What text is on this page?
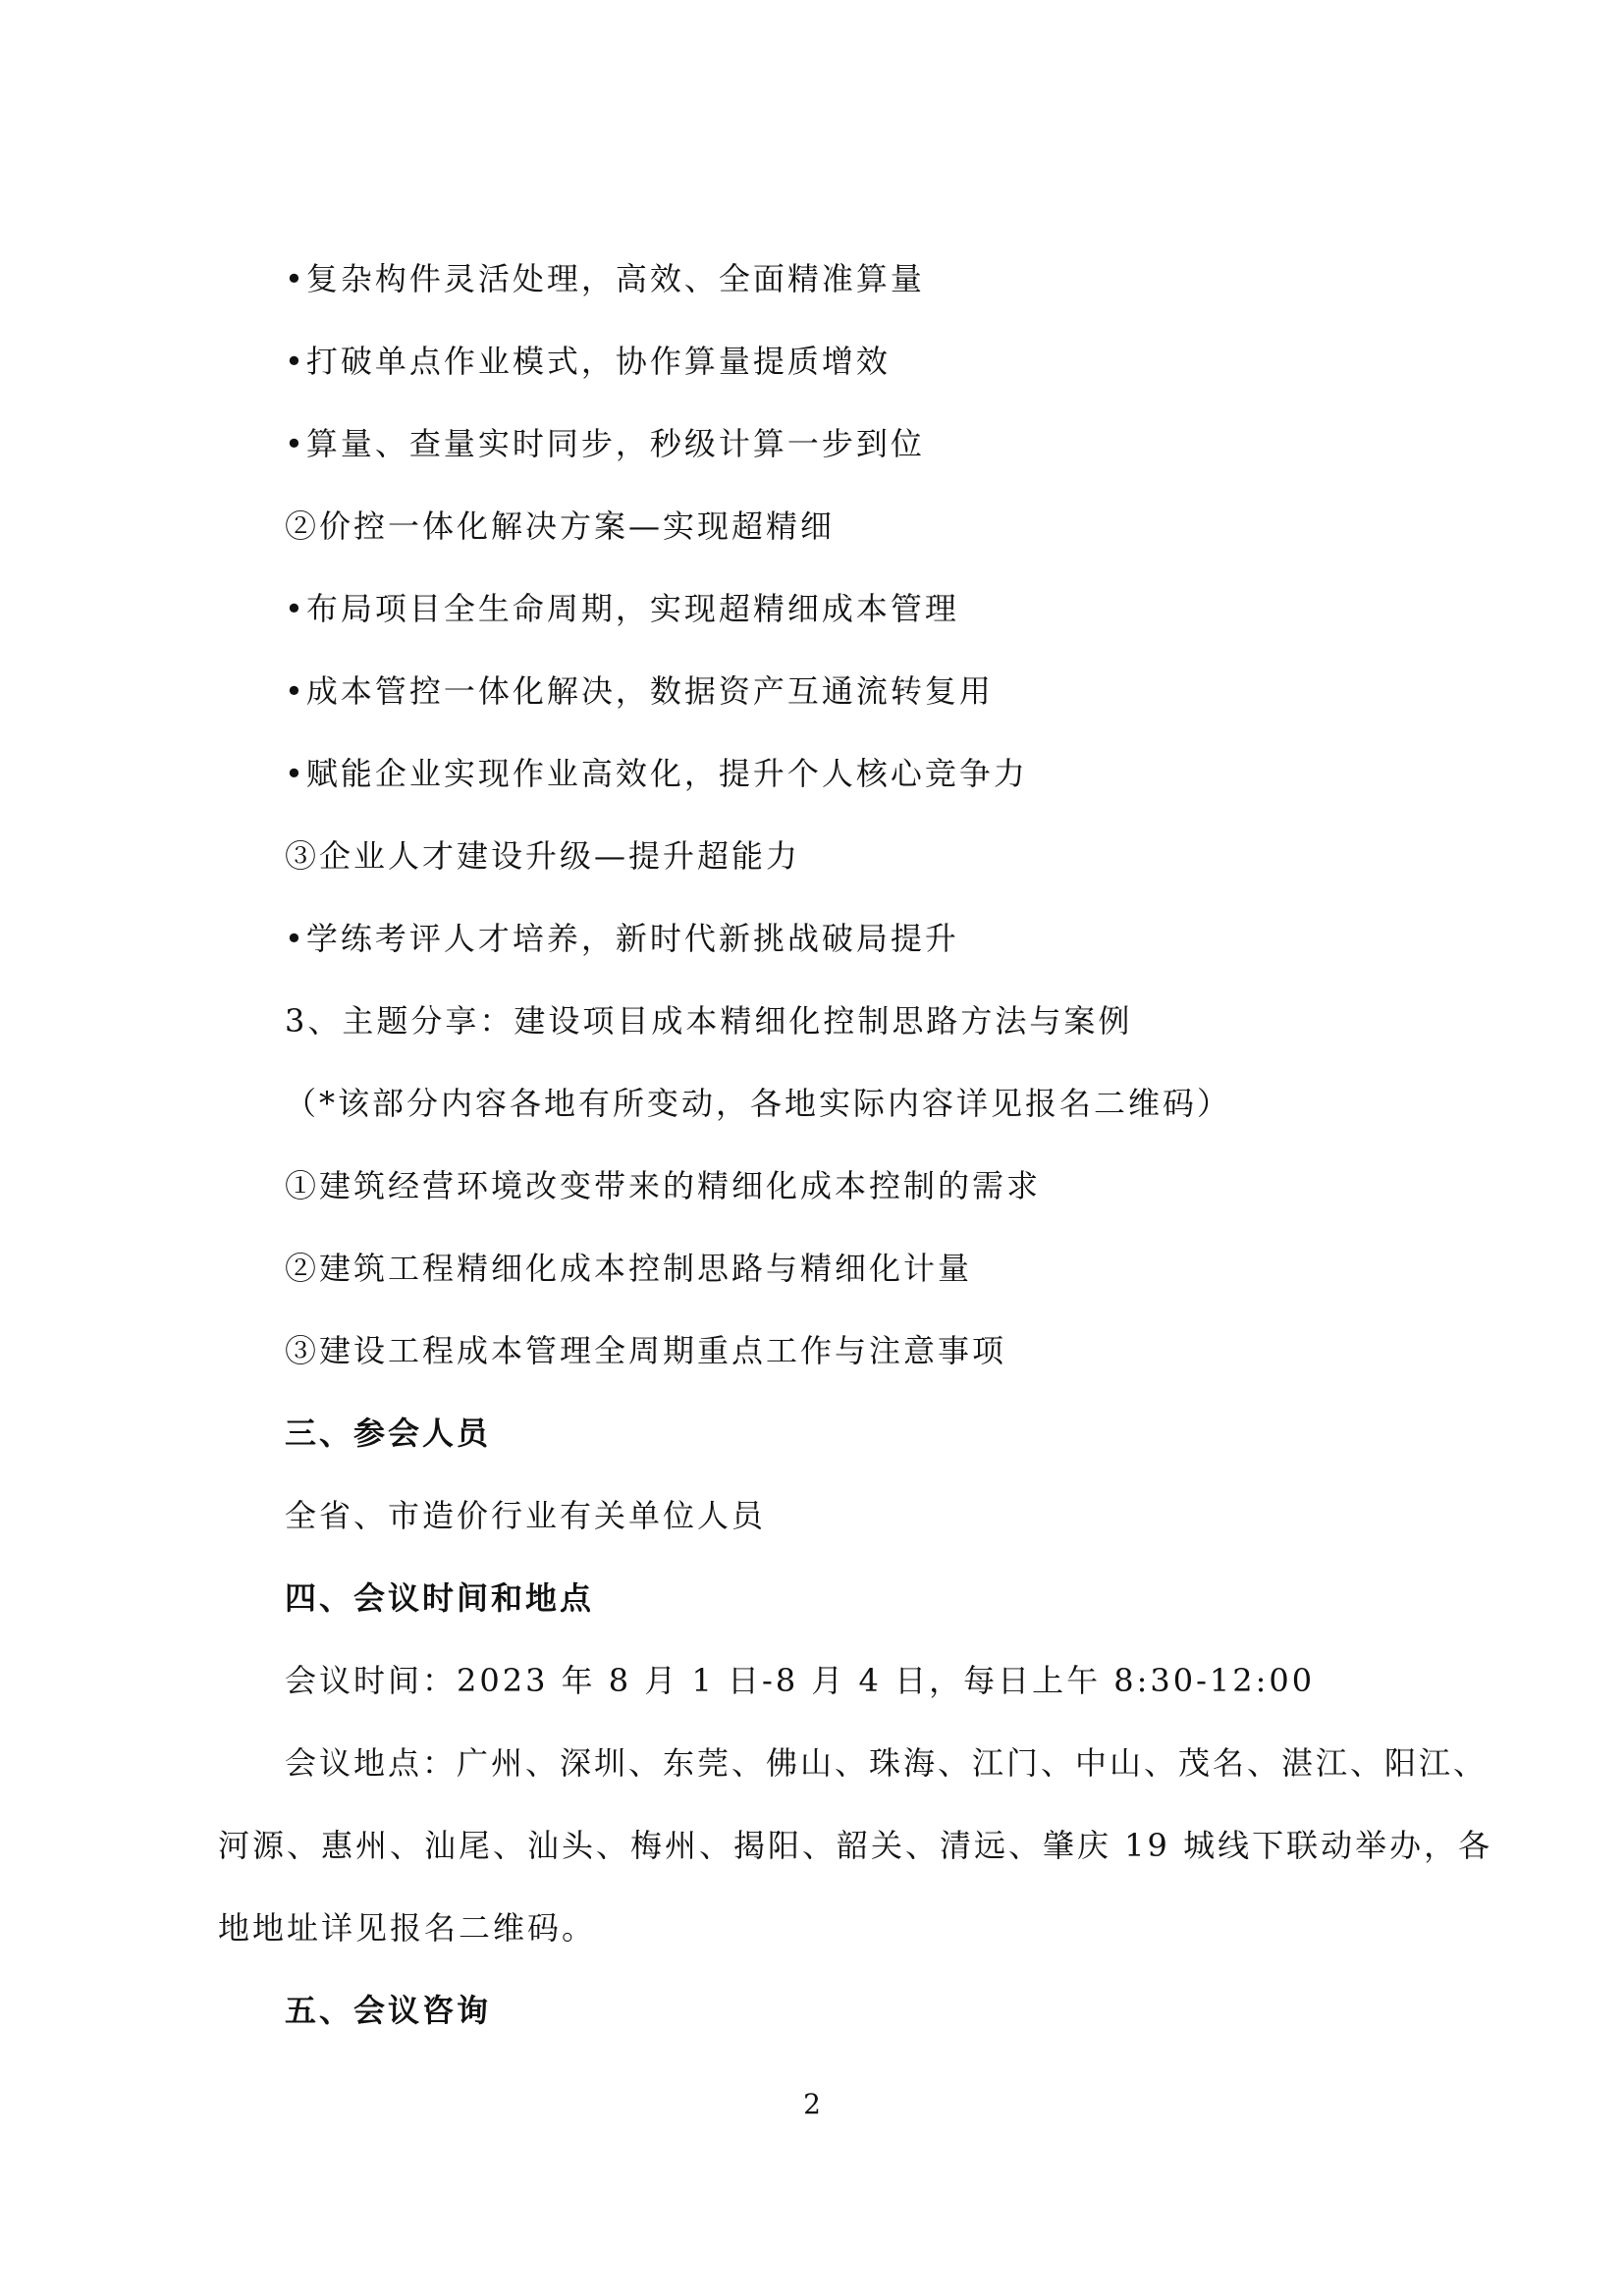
•复杂构件灵活处理，高效、全面精准算量
•打破单点作业模式，协作算量提质增效
•算量、查量实时同步，秒级计算一步到位
②价控一体化解决方案—实现超精细
•布局项目全生命周期，实现超精细成本管理
•成本管控一体化解决，数据资产互通流转复用
•赋能企业实现作业高效化，提升个人核心竞争力
③企业人才建设升级—提升超能力
•学练考评人才培养，新时代新挑战破局提升
3、主题分享：建设项目成本精细化控制思路方法与案例
（*该部分内容各地有所变动，各地实际内容详见报名二维码）
①建筑经营环境改变带来的精细化成本控制的需求
②建筑工程精细化成本控制思路与精细化计量
③建设工程成本管理全周期重点工作与注意事项
三、参会人员
全省、市造价行业有关单位人员
四、会议时间和地点
会议时间：2023 年 8 月 1 日-8 月 4 日，每日上午 8:30-12:00
会议地点：广州、深圳、东莞、佛山、珠海、江门、中山、茂名、湛江、阳江、
河源、惠州、汕尾、汕头、梅州、揭阳、韶关、清远、肇庆 19 城线下联动举办，各
地地址详见报名二维码。
五、会议咨询
2
